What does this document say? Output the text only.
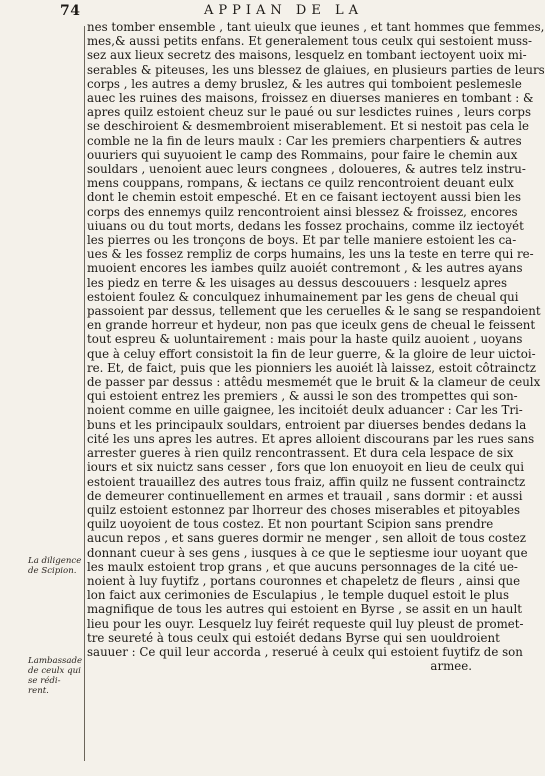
74	APPIAN DE LA
nes tomber ensemble , tant uieulx que ieunes , et tant hommes que femmes,
mes,& aussi petits enfans. Et generalement tous ceulx qui sestoient muss-
sez aux lieux secretz des maisons, lesquelz en tombant iectoyent uoix mi-
serables & piteuses, les uns blessez de glaiues, en plusieurs parties de leurs
corps , les autres a demy bruslez, & les autres qui tomboient peslemesle
auec les ruines des maisons, froissez en diuerses manieres en tombant : &
apres quilz estoient cheuz sur le paué ou sur lesdictes ruines , leurs corps
se deschiroient & desmembroient miserablement. Et si nestoit pas cela le
comble ne la fin de leurs maulx : Car les premiers charpentiers & autres
ouuriers qui suyuoient le camp des Rommains, pour faire le chemin aux
souldars , uenoient auec leurs congnees , doloueres, & autres telz instru-
mens couppans, rompans, & iectans ce quilz rencontroient deuant eulx
dont le chemin estoit empesché. Et en ce faisant iectoyent aussi bien les
corps des ennemys quilz rencontroient ainsi blessez & froissez, encores
uiuans ou du tout morts, dedans les fossez prochains, comme ilz iectoyét
les pierres ou les tronçons de boys. Et par telle maniere estoient les ca-
ues & les fossez rempliz de corps humains, les uns la teste en terre qui re-
muoient encores les iambes quilz auoiét contremont , & les autres ayans
les piedz en terre & les uisages au dessus descouuers : lesquelz apres
estoient foulez & conculquez inhumainement par les gens de cheual qui
passoient par dessus, tellement que les ceruelles & le sang se respandoient
en grande horreur et hydeur, non pas que iceulx gens de cheual le feissent
tout espreu & uoluntairement : mais pour la haste quilz auoient , uoyans
que à celuy effort consistoit la fin de leur guerre, & la gloire de leur uictoi-
re. Et, de faict, puis que les pionniers les auoiét là laissez, estoit côtrainctz
de passer par dessus : attêdu mesmemét que le bruit & la clameur de ceulx
qui estoient entrez les premiers , & aussi le son des trompettes qui son-
noient comme en uille gaignee, les incitoiét deulx aduancer : Car les Tri-
buns et les principaulx souldars, entroient par diuerses bendes dedans la
cité les uns apres les autres. Et apres alloient discourans par les rues sans
arrester gueres à rien quilz rencontrassent. Et dura cela lespace de six
iours et six nuictz sans cesser , fors que lon enuoyoit en lieu de ceulx qui
estoient trauaillez des autres tous fraiz, affin quilz ne fussent contrainctz
de demeurer continuellement en armes et trauail , sans dormir : et aussi
quilz estoient estonnez par lhorreur des choses miserables et pitoyables
quilz uoyoient de tous costez. Et non pourtant Scipion sans prendre
aucun repos , et sans gueres dormir ne menger , sen alloit de tous costez
donnant cueur à ses gens , iusques à ce que le septiesme iour uoyant que
les maulx estoient trop grans , et que aucuns personnages de la cité ue-
noient à luy fuytifz , portans couronnes et chapeletz de fleurs , ainsi que
lon faict aux cerimonies de Esculapius , le temple duquel estoit le plus
magnifique de tous les autres qui estoient en Byrse , se assit en un hault
lieu pour les ouyr. Lesquelz luy feirét requeste quil luy pleust de promet-
tre seureté à tous ceulx qui estoiét dedans Byrse qui sen uouldroient
sauuer : Ce quil leur accorda , reserué à ceulx qui estoient fuytifz de son
armee.
La diligence de Scipion.
Lambassade de ceulx qui se rédi- rent.
